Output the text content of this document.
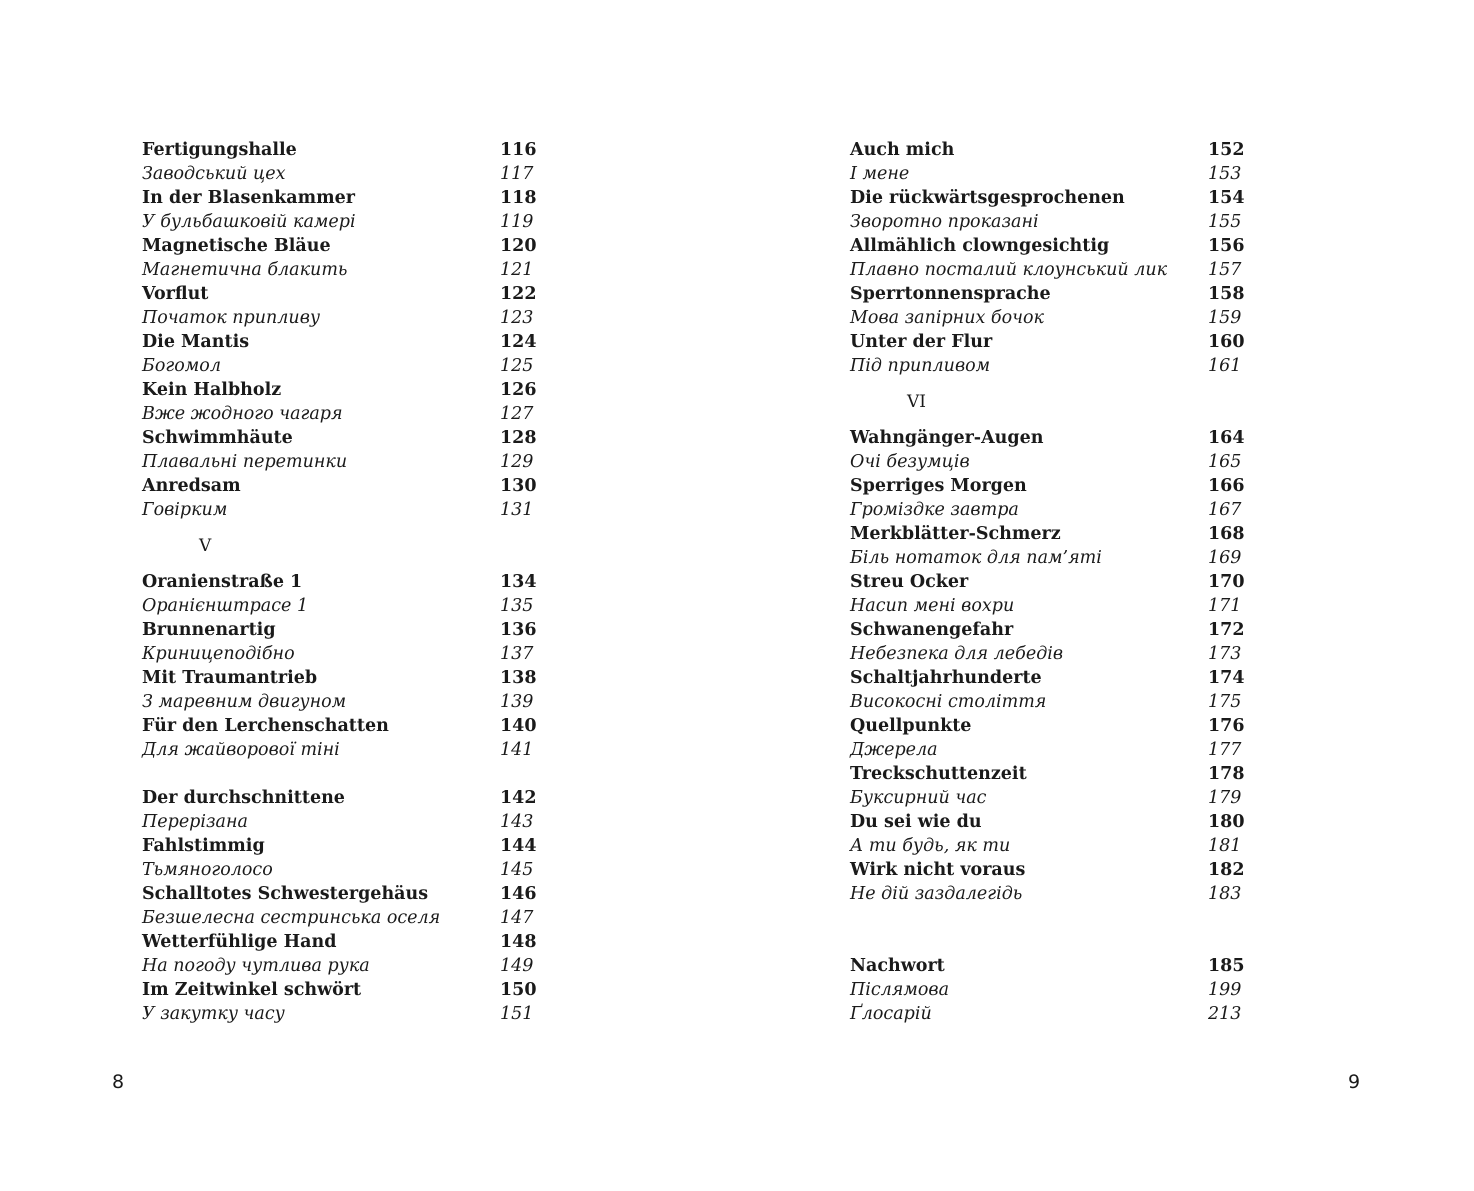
Fertigungshalle	116
Заводський цех	117
In der Blasenkammer	118
У бульбашковій камері	119
Magnetische Bläue	120
Магнетична блакить	121
Vorflut	122
Початок припливу	123
Die Mantis	124
Богомол	125
Kein Halbholz	126
Вже жодного чагаря	127
Schwimmhäute	128
Плавальні перетинки	129
Anredsam	130
Говірким	131
V
Oranienstraße 1	134
Оранієнштрасе 1	135
Brunnenartig	136
Криницеподібно	137
Mit Traumantrieb	138
З маревним двигуном	139
Für den Lerchenschatten	140
Для жайворової тіні	141
Der durchschnittene	142
Перерізана	143
Fahlstimmig	144
Тьмяноголосо	145
Schalltotes Schwestergehäus	146
Безшелесна сестринська оселя	147
Wetterfühlige Hand	148
На погоду чутлива рука	149
Im Zeitwinkel schwört	150
У закутку часу	151
Auch mich	152
І мене	153
Die rückwärtsgesprochenen	154
Зворотно проказані	155
Allmählich clowngesichtig	156
Плавно посталий клоунський лик 157
Sperrtonnensprache	158
Мова запірних бочок	159
Unter der Flur	160
Під припливом	161
VI
Wahngänger-Augen	164
Очі безумців	165
Sperriges Morgen	166
Громіздке завтра	167
Merkblätter-Schmerz	168
Біль нотаток для пам’яті	169
Streu Ocker	170
Насип мені вохри	171
Schwanengefahr	172
Небезпека для лебедів	173
Schaltjahrhunderte	174
Високосні століття	175
Quellpunkte	176
Джерела	177
Treckschuttenzeit	178
Буксирний час	179
Du sei wie du	180
А ти будь, як ти	181
Wirk nicht voraus	182
Не дій заздалегідь	183
Nachwort	185
Післямова	199
Ґлосарій	213
8	9
